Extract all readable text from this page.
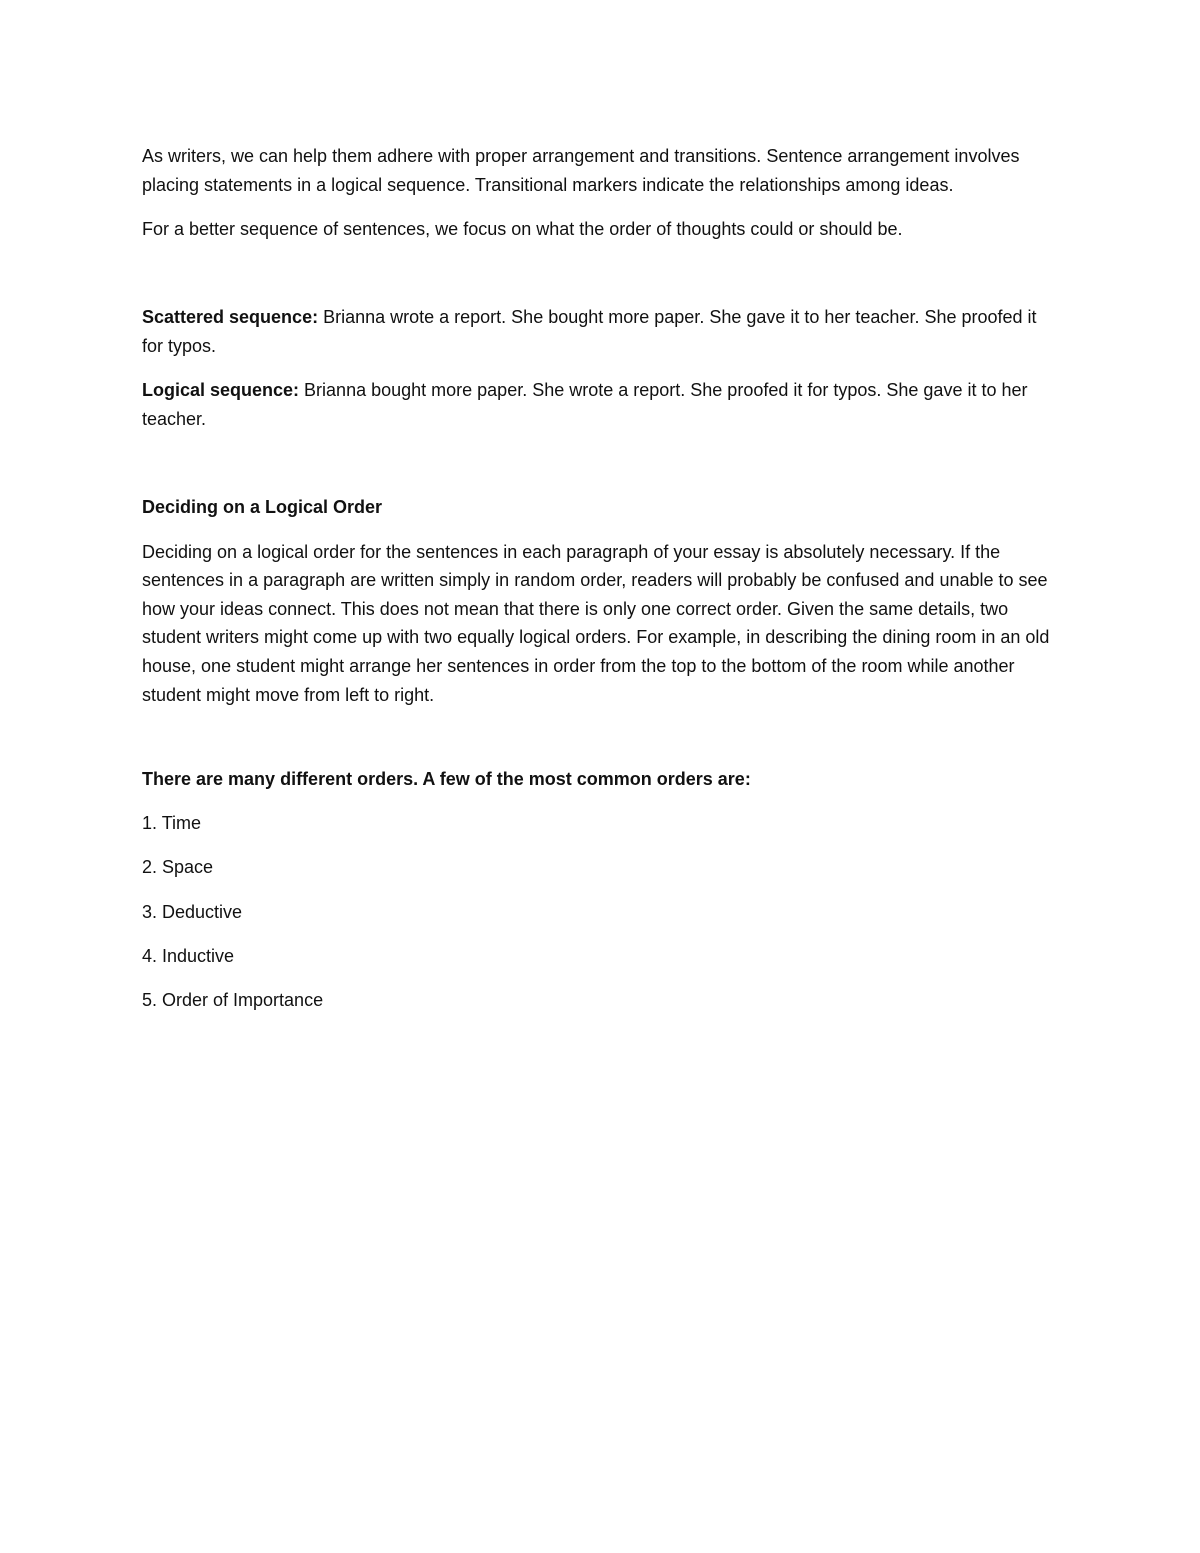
As writers, we can help them adhere with proper arrangement and transitions. Sentence arrangement involves placing statements in a logical sequence. Transitional markers indicate the relationships among ideas.

For a better sequence of sentences, we focus on what the order of thoughts could or should be.

Scattered sequence: Brianna wrote a report. She bought more paper. She gave it to her teacher. She proofed it for typos.

Logical sequence: Brianna bought more paper. She wrote a report. She proofed it for typos. She gave it to her teacher.

Deciding on a Logical Order

Deciding on a logical order for the sentences in each paragraph of your essay is absolutely necessary. If the sentences in a paragraph are written simply in random order, readers will probably be confused and unable to see how your ideas connect. This does not mean that there is only one correct order. Given the same details, two student writers might come up with two equally logical orders. For example, in describing the dining room in an old house, one student might arrange her sentences in order from the top to the bottom of the room while another student might move from left to right.

There are many different orders. A few of the most common orders are:

1. Time

2. Space

3. Deductive

4. Inductive

5. Order of Importance
